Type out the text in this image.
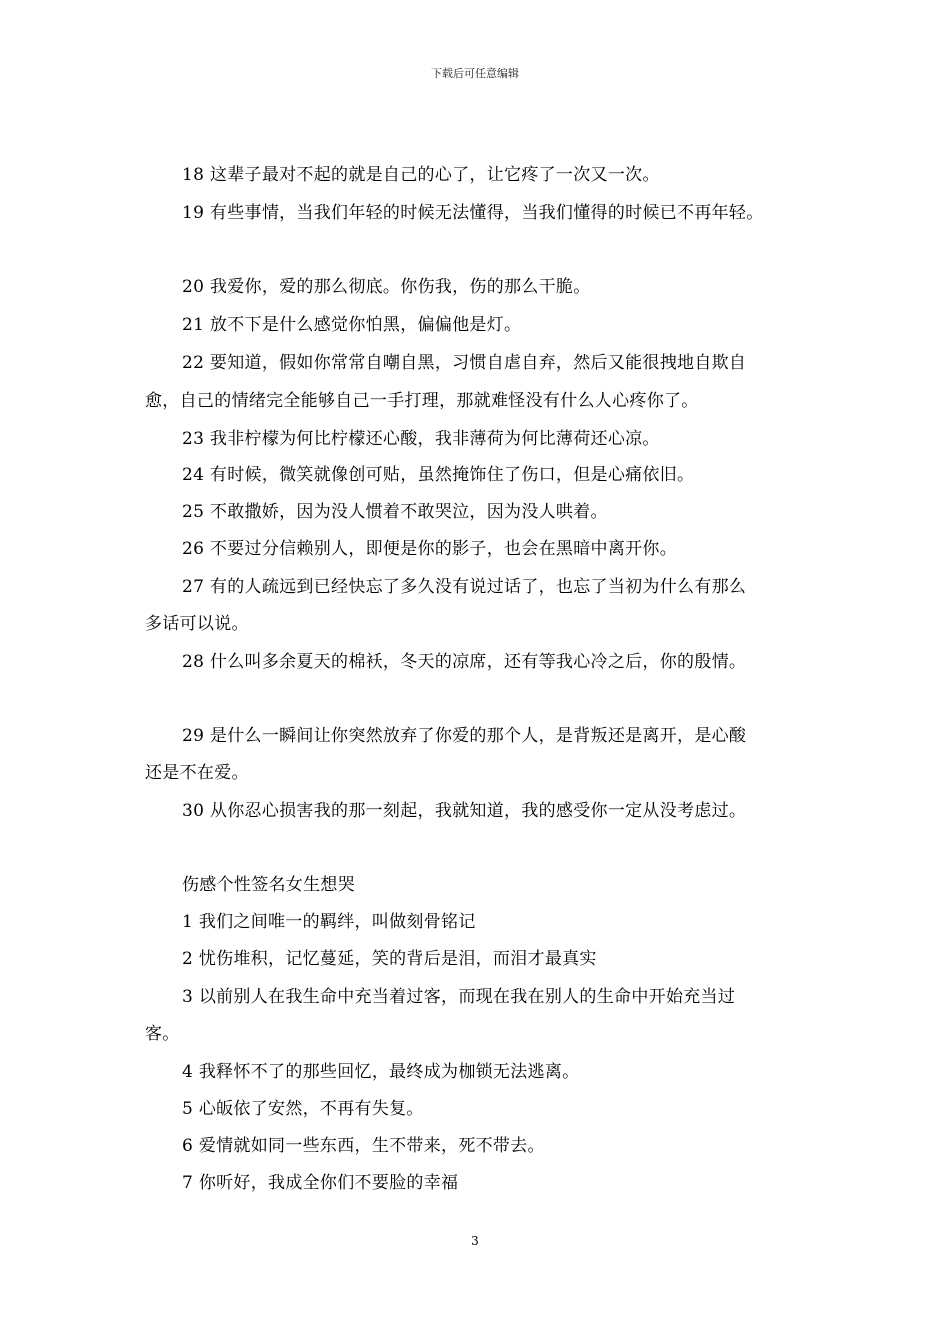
下载后可任意编辑
18 这辈子最对不起的就是自己的心了，让它疼了一次又一次。
19 有些事情，当我们年轻的时候无法懂得，当我们懂得的时候已不再年轻。
20 我爱你，爱的那么彻底。你伤我，伤的那么干脆。
21 放不下是什么感觉你怕黑，偏偏他是灯。
22 要知道，假如你常常自嘲自黑，习惯自虐自弃，然后又能很拽地自欺自
愈，自己的情绪完全能够自己一手打理，那就难怪没有什么人心疼你了。
23 我非柠檬为何比柠檬还心酸，我非薄荷为何比薄荷还心凉。
24 有时候，微笑就像创可贴，虽然掩饰住了伤口，但是心痛依旧。
25 不敢撒娇，因为没人惯着不敢哭泣，因为没人哄着。
26 不要过分信赖别人，即便是你的影子，也会在黑暗中离开你。
27 有的人疏远到已经快忘了多久没有说过话了，也忘了当初为什么有那么
多话可以说。
28 什么叫多余夏天的棉袄，冬天的凉席，还有等我心冷之后，你的殷情。
29 是什么一瞬间让你突然放弃了你爱的那个人，是背叛还是离开，是心酸
还是不在爱。
30 从你忍心损害我的那一刻起，我就知道，我的感受你一定从没考虑过。
伤感个性签名女生想哭
1 我们之间唯一的羁绊，叫做刻骨铭记
2 忧伤堆积，记忆蔓延，笑的背后是泪，而泪才最真实
3 以前别人在我生命中充当着过客，而现在我在别人的生命中开始充当过
客。
4 我释怀不了的那些回忆，最终成为枷锁无法逃离。
5 心皈依了安然，不再有失复。
6 爱情就如同一些东西，生不带来，死不带去。
7 你听好，我成全你们不要脸的幸福
3
